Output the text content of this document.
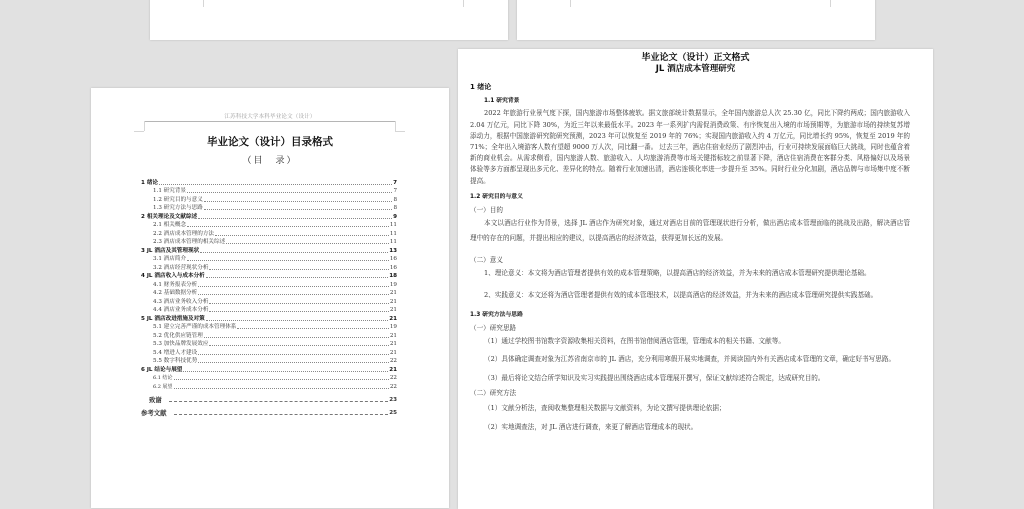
江苏科技大学本科毕业论文（设计）
毕业论文（设计）目录格式
（目　录）
1 绪论	7
1.1 研究背景	7
1.2 研究目的与意义	8
1.3 研究方法与思路	8
2 相关理论及文献综述	9
2.1 相关概念	11
2.2 酒店成本管理的方法	11
2.3 酒店成本管理的相关综述	11
3 JL 酒店及其管理现状	13
3.1 酒店简介	16
3.2 酒店经营现状分析	16
4 JL 酒店收入与成本分析	18
4.1 财务报表分析	19
4.2 基础数据分析	21
4.3 酒店业务收入分析	21
4.4 酒店业务成本分析	21
5 JL 酒店改进措施及对策	21
5.1 建立完善严谨的成本管理体系	19
5.2 优化供应链管理	21
5.3 加快品牌发展效应	21
5.4 增进人才建设	21
5.5 数字科技优势	22
6 JL 结论与展望	21
6.1 结论	22
6.2 展望	22
致谢	23
参考文献	25
毕业论文（设计）正文格式
JL 酒店成本管理研究
1 绪论
1.1 研究背景

2022 年旅游行业景气度下探，国内旅游市场整体疲软。据文旅部统计数据显示，全年国内旅游总人次 25.30 亿，同比下降约两成；国内旅游收入 2.04 万亿元，同比下降 30%，为近三年以来最低水平。2023 年一系列扩内需促消费政策、有序恢复出入境的市场预期等，为旅游市场的持续复苏增添动力，根据中国旅游研究院研究预测，2023 年可以恢复至 2019 年的 76%；实现国内旅游收入约 4 万亿元，同比增长约 95%，恢复至 2019 年的 71%；全年出入境游客人数有望超 9000 万人次，同比翻一番。 过去三年，酒店住宿业经历了剧烈冲击，行业可持续发展面临巨大挑战，同时也蕴含着新的商业机会。从需求侧看，国内旅游人数、旅游收入、人均旅游消费等市场关键指标较之前显著下降，酒店住宿消费在客群分类、风格偏好以及场景体验等多方面都呈现出多元化、差异化的特点。随着行业加速出清，酒店连锁化率进一步提升至 35%。同时行业分化加剧，酒店品牌与市场集中度不断提高。

1.2 研究目的与意义
（一）目的

本文以酒店行业作为背景，选择 JL 酒店作为研究对象，通过对酒店目前的管理现状进行分析，做出酒店成本管理面临的挑战及出路，解决酒店管理中的存在的问题，并提出相应的建议，以提高酒店的经济效益，获得更加长远的发展。

（二）意义

1、理论意义：本文将为酒店管理者提供有效的成本管理策略，以提高酒店的经济效益，并为未来的酒店成本管理研究提供理论基础。

2、实践意义：本文还将为酒店管理者提供有效的成本管理技术，以提高酒店的经济效益，并为未来的酒店成本管理研究提供实践基础。

1.3 研究方法与思路
（一）研究思路

（1）通过学校图书馆数字资源收集相关资料，在图书馆借阅酒店管理，管理成本的相关书籍、文献等。

（2）具体确定调查对象为江苏省南京市的 JL 酒店，充分利用寒假开展实地调查，并阅读国内外有关酒店成本管理的文章，确定好书写思路。

（3）最后将论文结合所学知识及实习实践提出围绕酒店成本管理展开撰写，保证文献综述符合规定，达成研究目的。

（二）研究方法

（1）文献分析法，查阅收集整理相关数据与文献资料，为论文撰写提供理论依据；

（2）实地调查法，对 JL 酒店进行调查，来更了解酒店管理成本的现状。
